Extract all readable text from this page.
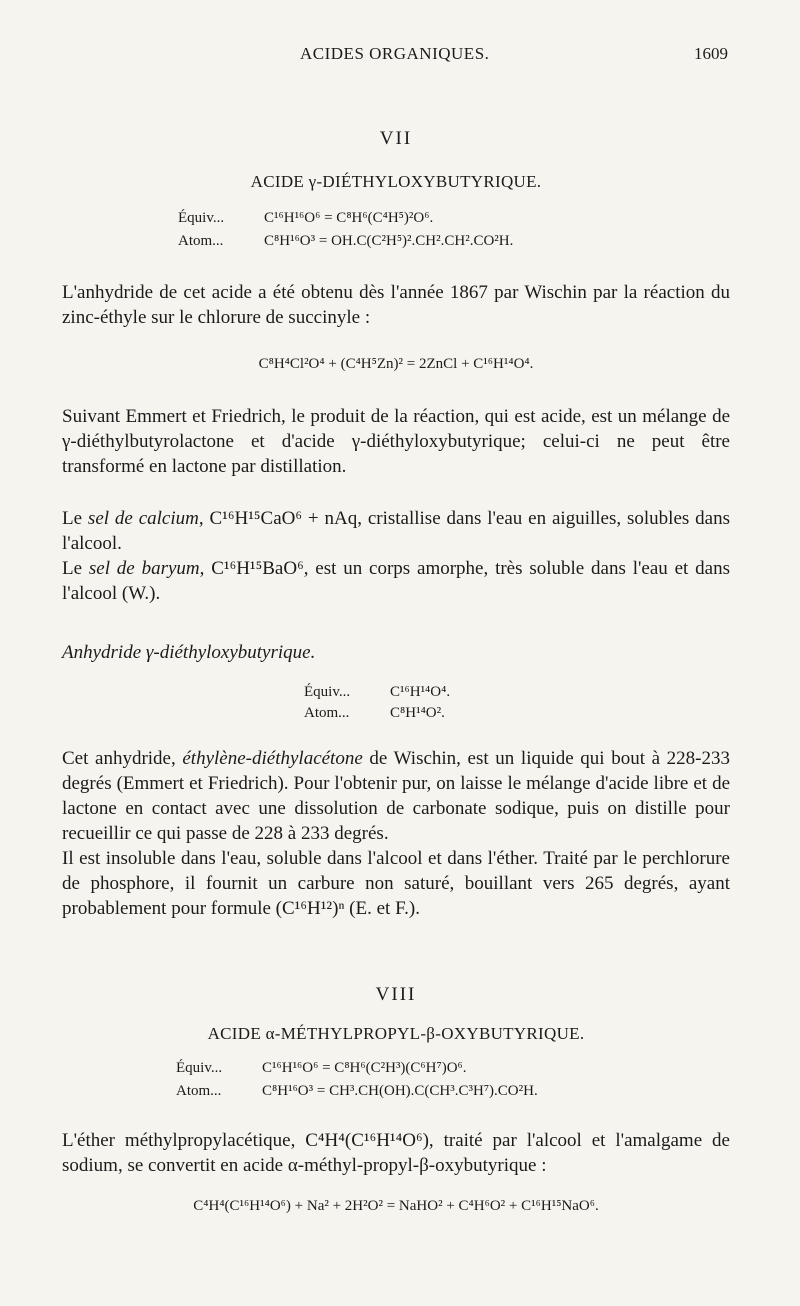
ACIDES ORGANIQUES.	1609
VII
ACIDE γ-DIÉTHYLOXYBUTYRIQUE.
Équiv...	C¹⁶H¹⁶O⁶ = C⁸H⁶(C⁴H⁵)²O⁶.
Atom...	C⁸H¹⁶O³ = OH.C(C²H⁵)².CH².CH².CO²H.
L'anhydride de cet acide a été obtenu dès l'année 1867 par Wischin par la réaction du zinc-éthyle sur le chlorure de succinyle :
C⁸H⁴Cl²O⁴ + (C⁴H⁵Zn)² = 2ZnCl + C¹⁶H¹⁴O⁴.
Suivant Emmert et Friedrich, le produit de la réaction, qui est acide, est un mélange de γ-diéthylbutyrolactone et d'acide γ-diéthyloxybutyrique; celui-ci ne peut être transformé en lactone par distillation.
Le sel de calcium, C¹⁶H¹⁵CaO⁶ + nAq, cristallise dans l'eau en aiguilles, solubles dans l'alcool.
Le sel de baryum, C¹⁶H¹⁵BaO⁶, est un corps amorphe, très soluble dans l'eau et dans l'alcool (W.).
Anhydride γ-diéthyloxybutyrique.
Équiv...	C¹⁶H¹⁴O⁴.
Atom...	C⁸H¹⁴O².
Cet anhydride, éthylène-diéthylacétone de Wischin, est un liquide qui bout à 228-233 degrés (Emmert et Friedrich). Pour l'obtenir pur, on laisse le mélange d'acide libre et de lactone en contact avec une dissolution de carbonate sodique, puis on distille pour recueillir ce qui passe de 228 à 233 degrés.
Il est insoluble dans l'eau, soluble dans l'alcool et dans l'éther. Traité par le perchlorure de phosphore, il fournit un carbure non saturé, bouillant vers 265 degrés, ayant probablement pour formule (C¹⁶H¹²)ⁿ (E. et F.).
VIII
ACIDE α-MÉTHYLPROPYL-β-OXYBUTYRIQUE.
Équiv...	C¹⁶H¹⁶O⁶ = C⁸H⁶(C²H³)(C⁶H⁷)O⁶.
Atom...	C⁸H¹⁶O³ = CH³.CH(OH).C(CH³.C³H⁷).CO²H.
L'éther méthylpropylacétique, C⁴H⁴(C¹⁶H¹⁴O⁶), traité par l'alcool et l'amalgame de sodium, se convertit en acide α-méthyl-propyl-β-oxybutyrique :
C⁴H⁴(C¹⁶H¹⁴O⁶) + Na² + 2H²O² = NaHO² + C⁴H⁶O² + C¹⁶H¹⁵NaO⁶.
